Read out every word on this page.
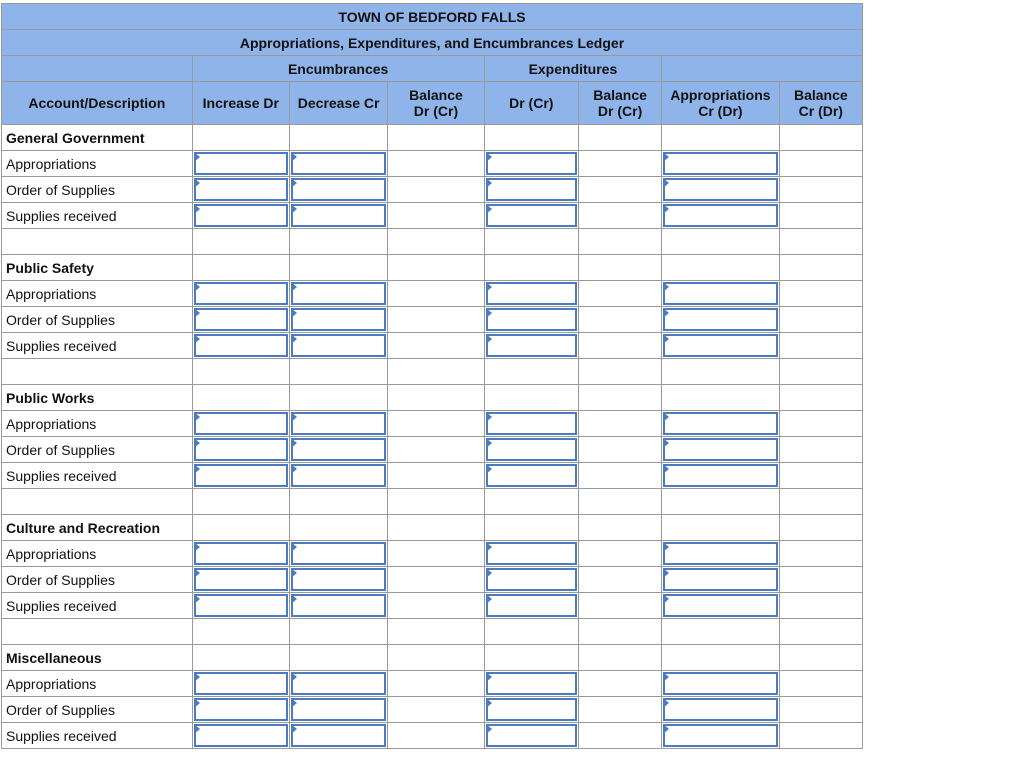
TOWN OF BEDFORD FALLS							
Appropriations, Expenditures, and Encumbrances Ledger							
	Encumbrances			Expenditures			
Account/Description	Increase Dr	Decrease Cr	Balance Dr (Cr)	Dr (Cr)	Balance Dr (Cr)	Appropriations Cr (Dr)	Balance Cr (Dr)
General Government							
Appropriations	

Order of Supplies	

Supplies received	

Public Safety							
Appropriations	

Order of Supplies	

Supplies received	

Public Works							
Appropriations	

Order of Supplies	

Supplies received	

Culture and Recreation							
Appropriations	

Order of Supplies	

Supplies received	

Miscellaneous							
Appropriations	

Order of Supplies	

Supplies received	
